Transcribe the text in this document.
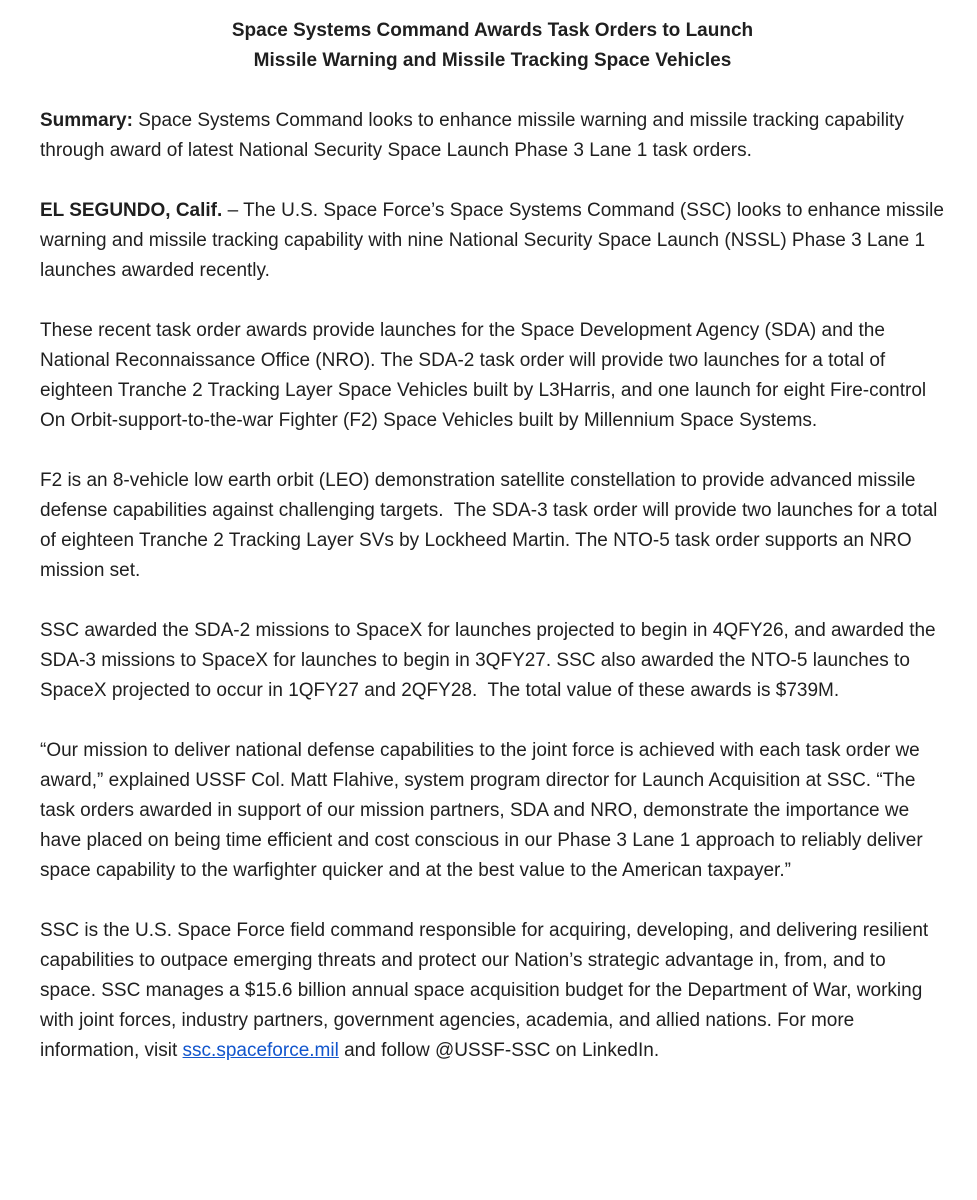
Space Systems Command Awards Task Orders to Launch
Missile Warning and Missile Tracking Space Vehicles

Summary: Space Systems Command looks to enhance missile warning and missile tracking capability through award of latest National Security Space Launch Phase 3 Lane 1 task orders.

EL SEGUNDO, Calif. – The U.S. Space Force’s Space Systems Command (SSC) looks to enhance missile warning and missile tracking capability with nine National Security Space Launch (NSSL) Phase 3 Lane 1 launches awarded recently.

These recent task order awards provide launches for the Space Development Agency (SDA) and the National Reconnaissance Office (NRO). The SDA-2 task order will provide two launches for a total of eighteen Tranche 2 Tracking Layer Space Vehicles built by L3Harris, and one launch for eight Fire-control On Orbit-support-to-the-war Fighter (F2) Space Vehicles built by Millennium Space Systems.

F2 is an 8-vehicle low earth orbit (LEO) demonstration satellite constellation to provide advanced missile defense capabilities against challenging targets.  The SDA-3 task order will provide two launches for a total of eighteen Tranche 2 Tracking Layer SVs by Lockheed Martin. The NTO-5 task order supports an NRO mission set.

SSC awarded the SDA-2 missions to SpaceX for launches projected to begin in 4QFY26, and awarded the SDA-3 missions to SpaceX for launches to begin in 3QFY27. SSC also awarded the NTO-5 launches to SpaceX projected to occur in 1QFY27 and 2QFY28.  The total value of these awards is $739M.

“Our mission to deliver national defense capabilities to the joint force is achieved with each task order we award,” explained USSF Col. Matt Flahive, system program director for Launch Acquisition at SSC. “The task orders awarded in support of our mission partners, SDA and NRO, demonstrate the importance we have placed on being time efficient and cost conscious in our Phase 3 Lane 1 approach to reliably deliver space capability to the warfighter quicker and at the best value to the American taxpayer.”

SSC is the U.S. Space Force field command responsible for acquiring, developing, and delivering resilient capabilities to outpace emerging threats and protect our Nation’s strategic advantage in, from, and to space. SSC manages a $15.6 billion annual space acquisition budget for the Department of War, working with joint forces, industry partners, government agencies, academia, and allied nations. For more information, visit ssc.spaceforce.mil and follow @USSF-SSC on LinkedIn.
